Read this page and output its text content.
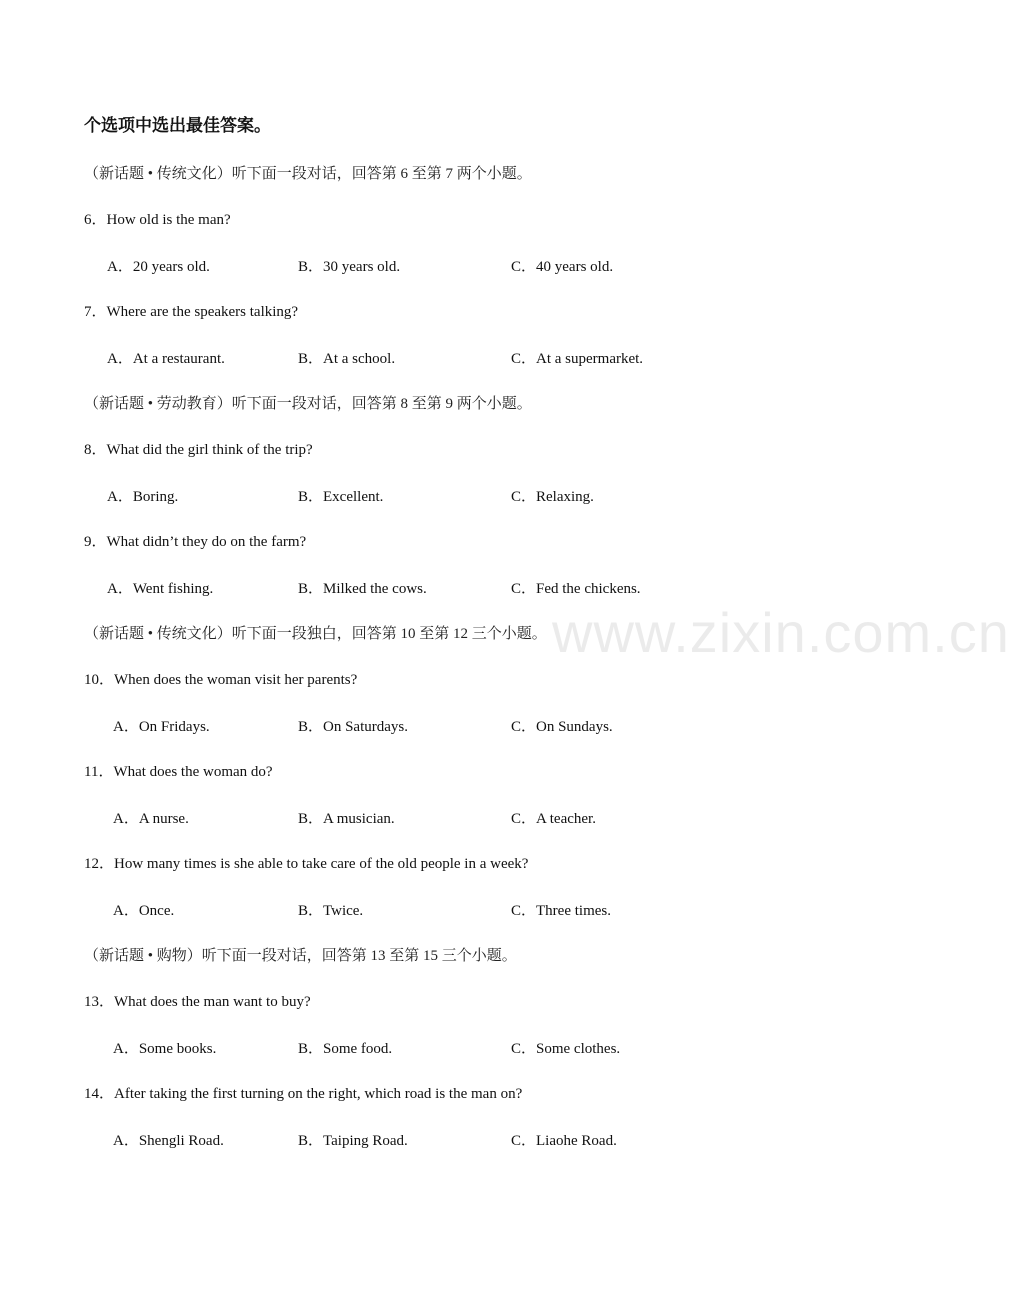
个选项中选出最佳答案。
www.zixin.com.cn
（新话题 • 传统文化）听下面一段对话，回答第 6 至第 7 两个小题。
6．How old is the man?
A．20 years old.	B．30 years old.	C．40 years old.
7．Where are the speakers talking?
A．At a restaurant.	B．At a school.	C．At a supermarket.
（新话题 • 劳动教育）听下面一段对话，回答第 8 至第 9 两个小题。
8．What did the girl think of the trip?
A．Boring.	B．Excellent.	C．Relaxing.
9．What didn’t they do on the farm?
A．Went fishing.	B．Milked the cows.	C．Fed the chickens.
（新话题 • 传统文化）听下面一段独白，回答第 10 至第 12 三个小题。
10．When does the woman visit her parents?
A．On Fridays.	B．On Saturdays.	C．On Sundays.
11．What does the woman do?
A．A nurse.	B．A musician.	C．A teacher.
12．How many times is she able to take care of the old people in a week?
A．Once.	B．Twice.	C．Three times.
（新话题 • 购物）听下面一段对话，回答第 13 至第 15 三个小题。
13．What does the man want to buy?
A．Some books.	B．Some food.	C．Some clothes.
14．After taking the first turning on the right, which road is the man on?
A．Shengli Road.	B．Taiping Road.	C．Liaohe Road.
